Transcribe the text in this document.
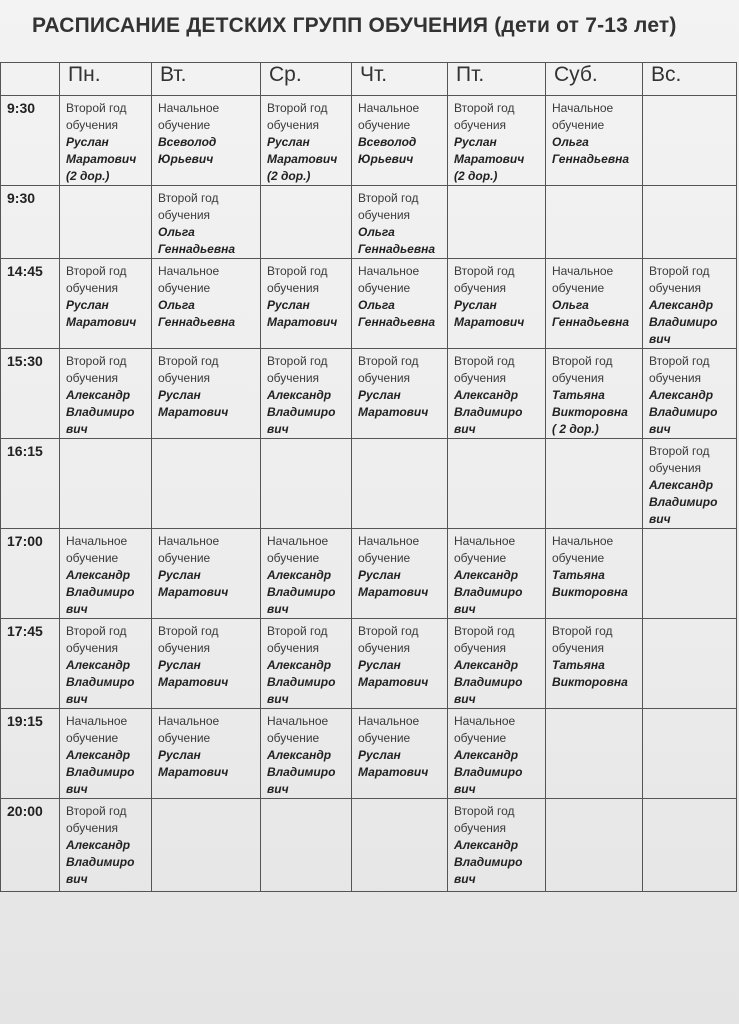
РАСПИСАНИЕ ДЕТСКИХ ГРУПП ОБУЧЕНИЯ (дети от 7-13 лет)
	Пн.	Вт.	Ср.	Чт.	Пт.	Суб.	Вс.
9:30	Второй год обучения
Руслан
Маратович
(2 дор.)	Начальное обучение
Всеволод
Юрьевич	Второй год обучения
Руслан
Маратович
(2 дор.)	Начальное обучение
Всеволод
Юрьевич	Второй год обучения
Руслан
Маратович
(2 дор.)	Начальное обучение
Ольга
Геннадьевна	

9:30		Второй год обучения
Ольга
Геннадьевна		Второй год обучения
Ольга
Геннадьевна			

14:45	Второй год обучения
Руслан
Маратович	Начальное обучение
Ольга
Геннадьевна	Второй год обучения
Руслан
Маратович	Начальное обучение
Ольга
Геннадьевна	Второй год обучения
Руслан
Маратович	Начальное обучение
Ольга
Геннадьевна	Второй год обучения
Александр
Владимиро
вич

15:30	Второй год обучения
Александр
Владимиро
вич	Второй год обучения
Руслан
Маратович	Второй год обучения
Александр
Владимиро
вич	Второй год обучения
Руслан
Маратович	Второй год обучения
Александр
Владимиро
вич	Второй год обучения
Татьяна
Викторовна
( 2 дор.)	Второй год обучения
Александр
Владимиро
вич

16:15							Второй год обучения
Александр
Владимиро
вич

17:00	Начальное обучение
Александр
Владимиро
вич	Начальное обучение
Руслан
Маратович	Начальное обучение
Александр
Владимиро
вич	Начальное обучение
Руслан
Маратович	Начальное обучение
Александр
Владимиро
вич	Начальное обучение
Татьяна
Викторовна	

17:45	Второй год обучения
Александр
Владимиро
вич	Второй год обучения
Руслан
Маратович	Второй год обучения
Александр
Владимиро
вич	Второй год обучения
Руслан
Маратович	Второй год обучения
Александр
Владимиро
вич	Второй год обучения
Татьяна
Викторовна	

19:15	Начальное обучение
Александр
Владимиро
вич	Начальное обучение
Руслан
Маратович	Начальное обучение
Александр
Владимиро
вич	Начальное обучение
Руслан
Маратович	Начальное обучение
Александр
Владимиро
вич		

20:00	Второй год обучения
Александр
Владимиро
вич				Второй год обучения
Александр
Владимиро
вич		
